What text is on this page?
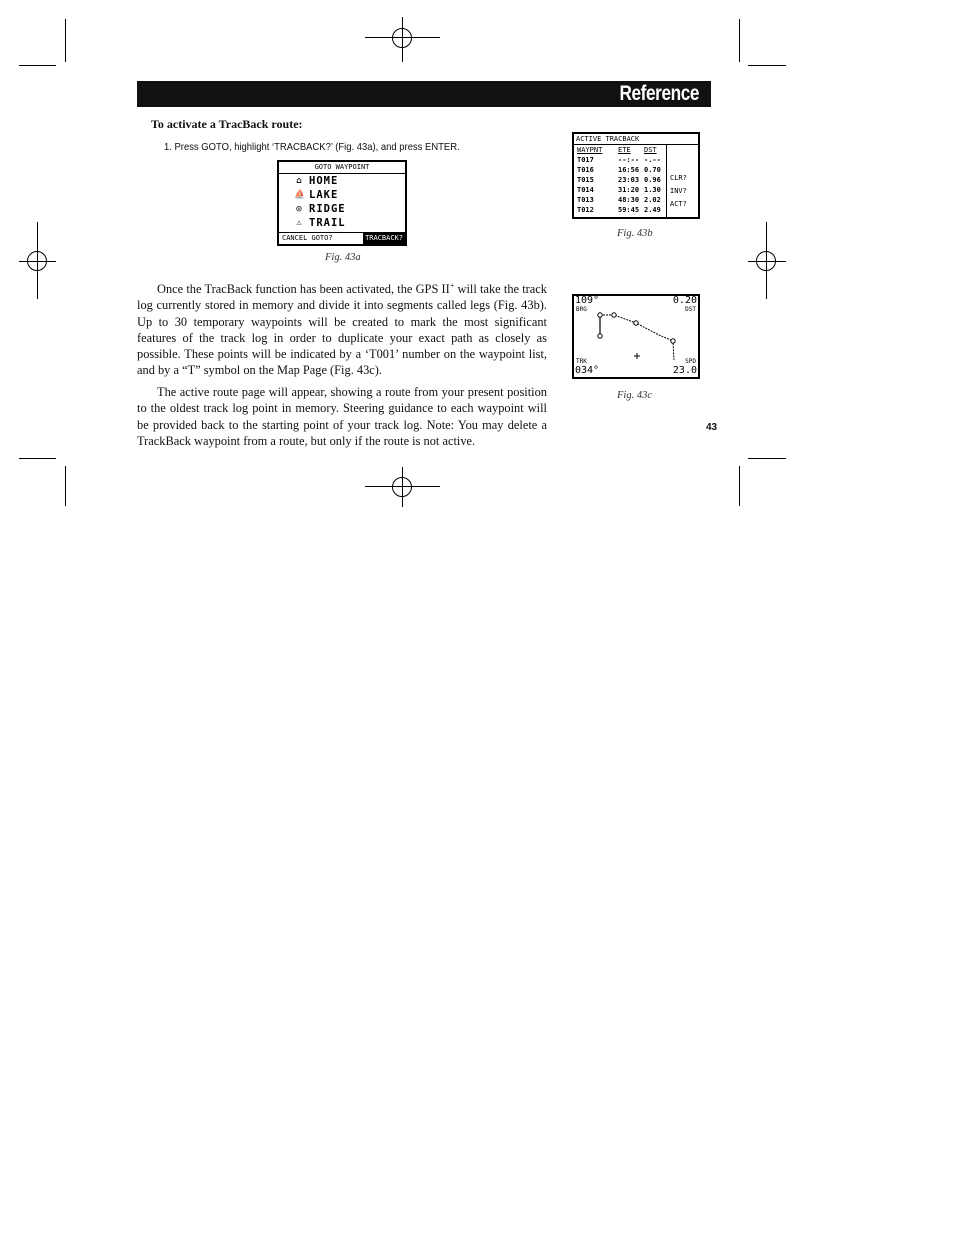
Reference
To activate a TracBack route:
1. Press GOTO, highlight ‘TRACBACK?’ (Fig. 43a), and press ENTER.
GOTO WAYPOINT
⌂ HOME
⛵ LAKE
◎ RIDGE
⚠ TRAIL
CANCEL GOTO?	TRACBACK?
Fig. 43a
ACTIVE TRACBACK
WAYPNT ETE DST
T017	--:-- -.--
T016	16:56 0.70
T015	23:03 0.96
T014	31:20 1.30
T013	48:30 2.02
T012	59:45 2.49
CLR?
INV?
ACT?
Fig. 43b
109°
BRG
0.20
DST
TRK
034°
SPD
23.0
Fig. 43c

Once the TracBack function has been activated, the GPS II+ will take the track log currently stored in memory and divide it into segments called legs (Fig. 43b). Up to 30 temporary waypoints will be created to mark the most significant features of the track log in order to duplicate your exact path as closely as possible. These points will be indicated by a ‘T001’ number on the waypoint list, and by a “T” symbol on the Map Page (Fig. 43c).

The active route page will appear, showing a route from your present position to the oldest track log point in memory. Steering guidance to each waypoint will be provided back to the starting point of your track log. Note: You may delete a TrackBack waypoint from a route, but only if the route is not active.

43
